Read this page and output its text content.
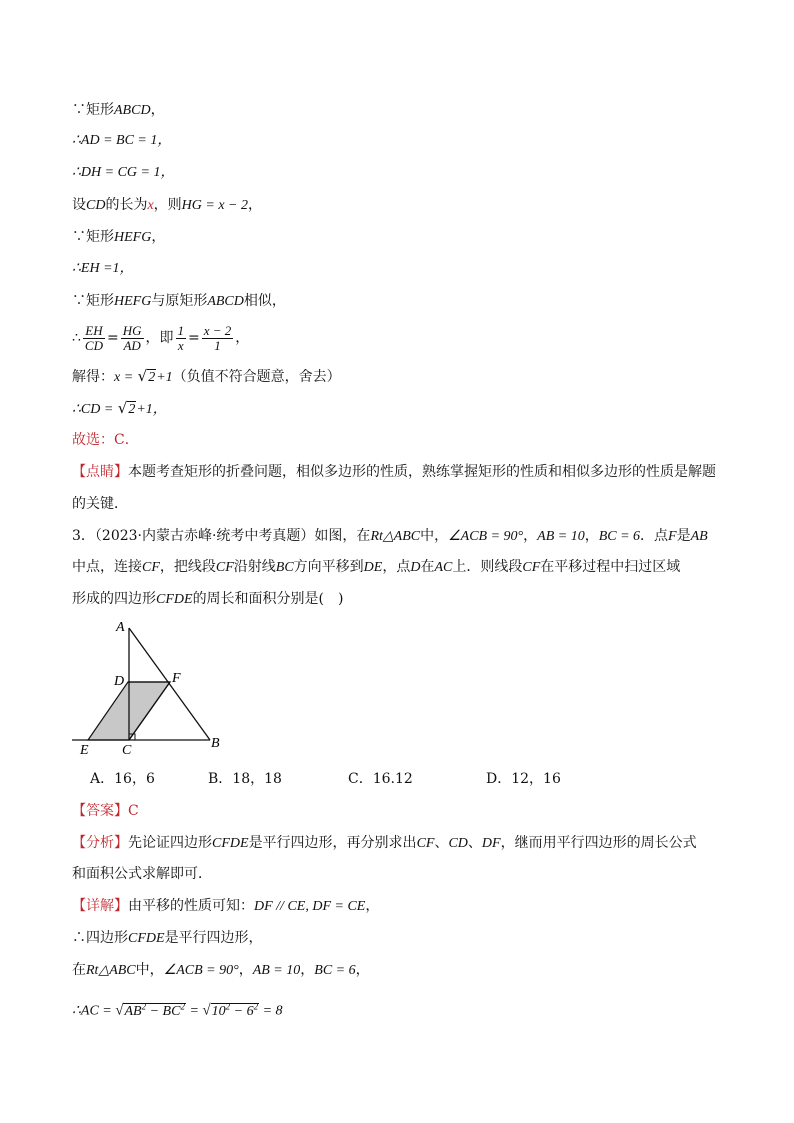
∵矩形ABCD，
∴AD = BC = 1，
∴DH = CG = 1，
设CD的长为x，则HG = x − 2，
∵矩形HEFG，
∴EH =1，
∵矩形HEFG与原矩形ABCD相似，
∴ $\frac{EH}{CD} = \frac{HG}{AD}$ ，即 $\frac{1}{x} = \frac{x - 2}{1}$ ，
解得：x = √2+1（负值不符合题意，舍去）
∴CD = √2+1，
故选：C．
【点睛】本题考查矩形的折叠问题，相似多边形的性质，熟练掌握矩形的性质和相似多边形的性质是解题
的关键．
3．（2023·内蒙古赤峰·统考中考真题）如图，在Rt△ABC中，∠ACB = 90°，AB = 10，BC = 6．点F是AB
中点，连接CF，把线段CF沿射线BC方向平移到DE，点D在AC上．则线段CF在平移过程中扫过区域
形成的四边形CFDE的周长和面积分别是(　)
A
D	F
E C	B
A．16，6	B．18，18	C．16.12	D．12，16
【答案】C
【分析】先论证四边形CFDE是平行四边形，再分别求出CF、CD、DF，继而用平行四边形的周长公式
和面积公式求解即可．
【详解】由平移的性质可知：DF // CE, DF = CE，
∴四边形CFDE是平行四边形，
在Rt△ABC中，∠ACB = 90°，AB = 10，BC = 6，
∴AC = $√AB^2 - BC^2 = √10^2 - 6^2 = 8$
